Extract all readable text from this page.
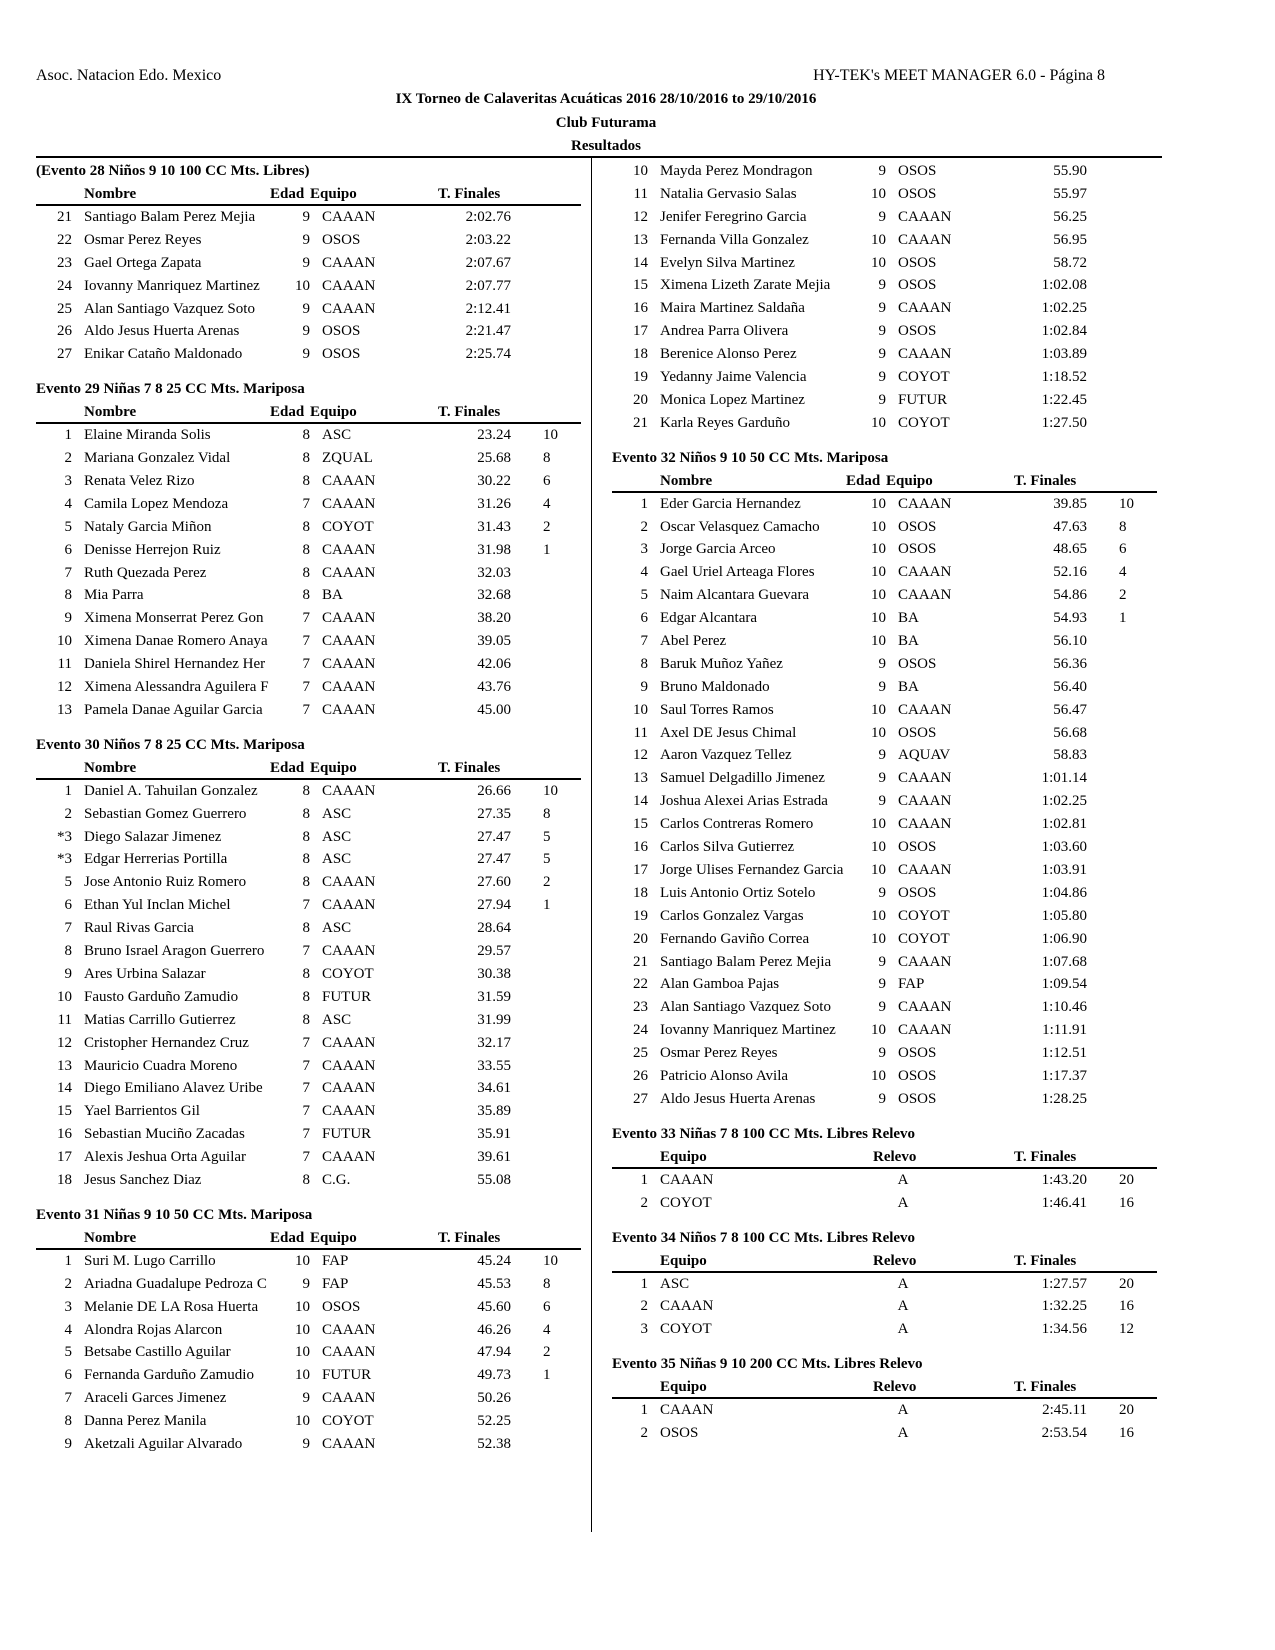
Asoc. Natacion Edo. Mexico	HY-TEK's MEET MANAGER 6.0 - Página 8
IX Torneo de Calaveritas Acuáticas 2016 28/10/2016 to 29/10/2016
Club Futurama
Resultados
(Evento 28 Niños 9 10 100 CC Mts. Libres)
Nombre	Edad Equipo	T. Finales
21 Santiago Balam Perez Mejia	9 CAAAN	2:02.76
22 Osmar Perez Reyes	9 OSOS	2:03.22
23 Gael Ortega Zapata	9 CAAAN	2:07.67
24 Iovanny Manriquez Martinez	10 CAAAN	2:07.77
25 Alan Santiago Vazquez Soto	9 CAAAN	2:12.41
26 Aldo Jesus Huerta Arenas	9 OSOS	2:21.47
27 Enikar Cataño Maldonado	9 OSOS	2:25.74
Evento 29 Niñas 7 8 25 CC Mts. Mariposa
Nombre	Edad Equipo	T. Finales
1 Elaine Miranda Solis	8 ASC	23.24 10
2 Mariana Gonzalez Vidal	8 ZQUAL	25.68 8
3 Renata Velez Rizo	8 CAAAN	30.22 6
4 Camila Lopez Mendoza	7 CAAAN	31.26 4
5 Nataly Garcia Miñon	8 COYOT	31.43 2
6 Denisse Herrejon Ruiz	8 CAAAN	31.98 1
7 Ruth Quezada Perez	8 CAAAN	32.03
8 Mia Parra	8 BA	32.68
9 Ximena Monserrat Perez Gon	7 CAAAN	38.20
10 Ximena Danae Romero Anaya	7 CAAAN	39.05
11 Daniela Shirel Hernandez Her	7 CAAAN	42.06
12 Ximena Alessandra Aguilera F	7 CAAAN	43.76
13 Pamela Danae Aguilar Garcia	7 CAAAN	45.00
Evento 30 Niños 7 8 25 CC Mts. Mariposa
Nombre	Edad Equipo	T. Finales
1 Daniel A. Tahuilan Gonzalez	8 CAAAN	26.66 10
2 Sebastian Gomez Guerrero	8 ASC	27.35 8
*3 Diego Salazar Jimenez	8 ASC	27.47 5
*3 Edgar Herrerias Portilla	8 ASC	27.47 5
5 Jose Antonio Ruiz Romero	8 CAAAN	27.60 2
6 Ethan Yul Inclan Michel	7 CAAAN	27.94 1
7 Raul Rivas Garcia	8 ASC	28.64
8 Bruno Israel Aragon Guerrero	7 CAAAN	29.57
9 Ares Urbina Salazar	8 COYOT	30.38
10 Fausto Garduño Zamudio	8 FUTUR	31.59
11 Matias Carrillo Gutierrez	8 ASC	31.99
12 Cristopher Hernandez Cruz	7 CAAAN	32.17
13 Mauricio Cuadra Moreno	7 CAAAN	33.55
14 Diego Emiliano Alavez Uribe	7 CAAAN	34.61
15 Yael Barrientos Gil	7 CAAAN	35.89
16 Sebastian Muciño Zacadas	7 FUTUR	35.91
17 Alexis Jeshua Orta Aguilar	7 CAAAN	39.61
18 Jesus Sanchez Diaz	8 C.G.	55.08
Evento 31 Niñas 9 10 50 CC Mts. Mariposa
Nombre	Edad Equipo	T. Finales
1 Suri M. Lugo Carrillo	10 FAP	45.24 10
2 Ariadna Guadalupe Pedroza C	9 FAP	45.53 8
3 Melanie DE LA Rosa Huerta	10 OSOS	45.60 6
4 Alondra Rojas Alarcon	10 CAAAN	46.26 4
5 Betsabe Castillo Aguilar	10 CAAAN	47.94 2
6 Fernanda Garduño Zamudio	10 FUTUR	49.73 1
7 Araceli Garces Jimenez	9 CAAAN	50.26
8 Danna Perez Manila	10 COYOT	52.25
9 Aketzali Aguilar Alvarado	9 CAAAN	52.38
10 Mayda Perez Mondragon	9 OSOS	55.90
11 Natalia Gervasio Salas	10 OSOS	55.97
12 Jenifer Feregrino Garcia	9 CAAAN	56.25
13 Fernanda Villa Gonzalez	10 CAAAN	56.95
14 Evelyn Silva Martinez	10 OSOS	58.72
15 Ximena Lizeth Zarate Mejia	9 OSOS	1:02.08
16 Maira Martinez Saldaña	9 CAAAN	1:02.25
17 Andrea Parra Olivera	9 OSOS	1:02.84
18 Berenice Alonso Perez	9 CAAAN	1:03.89
19 Yedanny Jaime Valencia	9 COYOT	1:18.52
20 Monica Lopez Martinez	9 FUTUR	1:22.45
21 Karla Reyes Garduño	10 COYOT	1:27.50
Evento 32 Niños 9 10 50 CC Mts. Mariposa
Nombre	Edad Equipo	T. Finales
1 Eder Garcia Hernandez	10 CAAAN	39.85 10
2 Oscar Velasquez Camacho	10 OSOS	47.63 8
3 Jorge Garcia Arceo	10 OSOS	48.65 6
4 Gael Uriel Arteaga Flores	10 CAAAN	52.16 4
5 Naim Alcantara Guevara	10 CAAAN	54.86 2
6 Edgar Alcantara	10 BA	54.93 1
7 Abel Perez	10 BA	56.10
8 Baruk Muñoz Yañez	9 OSOS	56.36
9 Bruno Maldonado	9 BA	56.40
10 Saul Torres Ramos	10 CAAAN	56.47
11 Axel DE Jesus Chimal	10 OSOS	56.68
12 Aaron Vazquez Tellez	9 AQUAV	58.83
13 Samuel Delgadillo Jimenez	9 CAAAN	1:01.14
14 Joshua Alexei Arias Estrada	9 CAAAN	1:02.25
15 Carlos Contreras Romero	10 CAAAN	1:02.81
16 Carlos Silva Gutierrez	10 OSOS	1:03.60
17 Jorge Ulises Fernandez Garcia	10 CAAAN	1:03.91
18 Luis Antonio Ortiz Sotelo	9 OSOS	1:04.86
19 Carlos Gonzalez Vargas	10 COYOT	1:05.80
20 Fernando Gaviño Correa	10 COYOT	1:06.90
21 Santiago Balam Perez Mejia	9 CAAAN	1:07.68
22 Alan Gamboa Pajas	9 FAP	1:09.54
23 Alan Santiago Vazquez Soto	9 CAAAN	1:10.46
24 Iovanny Manriquez Martinez	10 CAAAN	1:11.91
25 Osmar Perez Reyes	9 OSOS	1:12.51
26 Patricio Alonso Avila	10 OSOS	1:17.37
27 Aldo Jesus Huerta Arenas	9 OSOS	1:28.25
Evento 33 Niñas 7 8 100 CC Mts. Libres Relevo
Equipo	Relevo	T. Finales
1 CAAAN	A	1:43.20 20
2 COYOT	A	1:46.41 16
Evento 34 Niños 7 8 100 CC Mts. Libres Relevo
Equipo	Relevo	T. Finales
1 ASC	A	1:27.57 20
2 CAAAN	A	1:32.25 16
3 COYOT	A	1:34.56 12
Evento 35 Niñas 9 10 200 CC Mts. Libres Relevo
Equipo	Relevo	T. Finales
1 CAAAN	A	2:45.11 20
2 OSOS	A	2:53.54 16
